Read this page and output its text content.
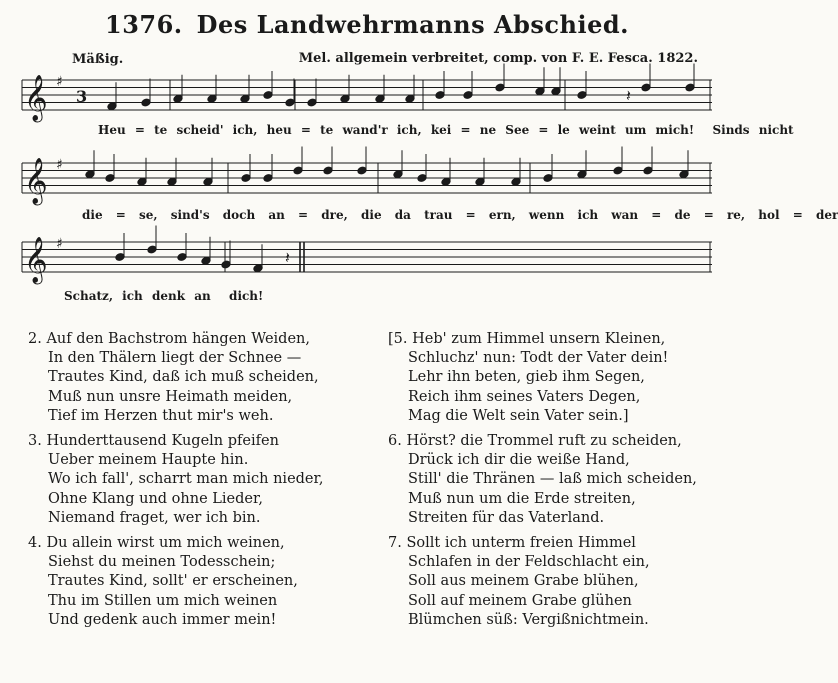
1376. Des Landwehrmanns Abschied.
Mäßig.	Mel. allgemein verbreitet, comp. von F. E. Fesca. 1822.
𝄞 ♯
3
𝄞 ♯
𝄞 ♯
𝄽
𝄽
Heu = te scheid' ich, heu = te wand'r ich, kei = ne See = le weint um mich!  Sinds nicht
die = se, sind's doch an = dre, die da trau = ern, wenn ich wan = de = re, hol = der
Schatz, ich denk an  dich!
2. Auf den Bachstrom hängen Weiden,
In den Thälern liegt der Schnee —
Trautes Kind, daß ich muß scheiden,
Muß nun unsre Heimath meiden,
Tief im Herzen thut mir's weh.
3. Hunderttausend Kugeln pfeifen
Ueber meinem Haupte hin.
Wo ich fall', scharrt man mich nieder,
Ohne Klang und ohne Lieder,
Niemand fraget, wer ich bin.
4. Du allein wirst um mich weinen,
Siehst du meinen Todesschein;
Trautes Kind, sollt' er erscheinen,
Thu im Stillen um mich weinen
Und gedenk auch immer mein!
[5. Heb' zum Himmel unsern Kleinen,
Schluchz' nun: Todt der Vater dein!
Lehr ihn beten, gieb ihm Segen,
Reich ihm seines Vaters Degen,
Mag die Welt sein Vater sein.]
6. Hörst? die Trommel ruft zu scheiden,
Drück ich dir die weiße Hand,
Still' die Thränen — laß mich scheiden,
Muß nun um die Erde streiten,
Streiten für das Vaterland.
7. Sollt ich unterm freien Himmel
Schlafen in der Feldschlacht ein,
Soll aus meinem Grabe blühen,
Soll auf meinem Grabe glühen
Blümchen süß: Vergißnichtmein.
